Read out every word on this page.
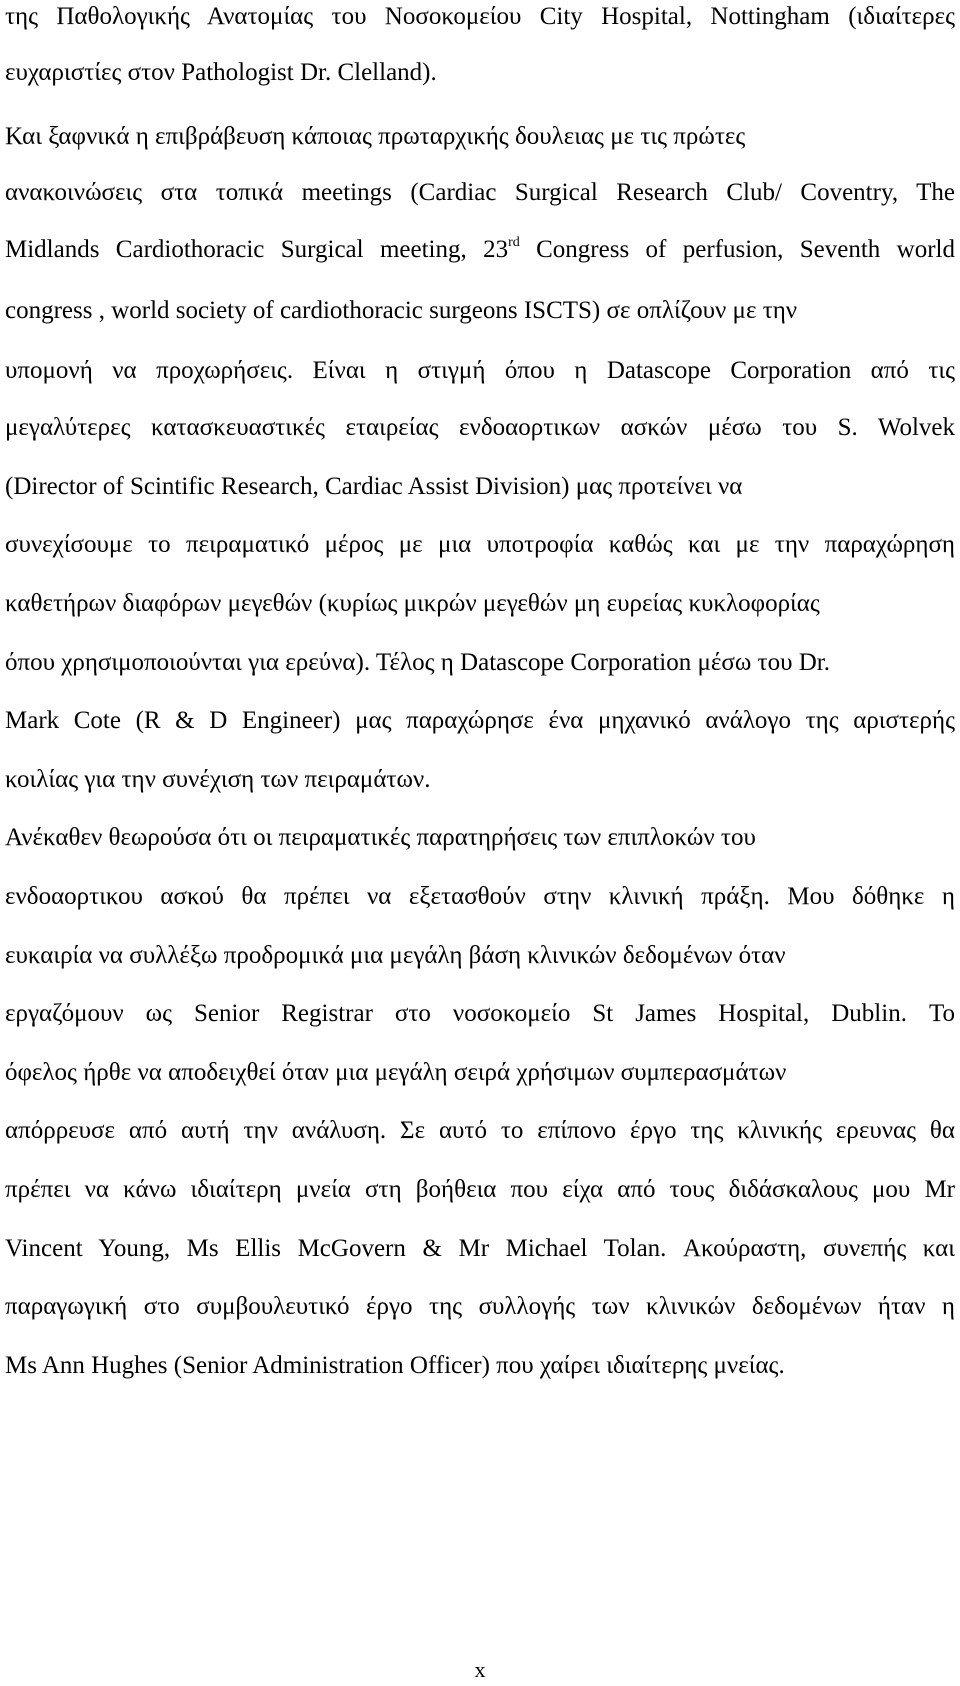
της Παθολογικής Ανατομίας του Νοσοκομείου City Hospital, Nottingham (ιδιαίτερες
ευχαριστίες στον Pathologist Dr. Clelland).
Και ξαφνικά η επιβράβευση κάποιας πρωταρχικής δουλειας με τις πρώτες
ανακοινώσεις στα τοπικά meetings (Cardiac Surgical Research Club/ Coventry, The
Midlands Cardiothoracic Surgical meeting, 23rd Congress of perfusion, Seventh world
congress , world society of cardiothoracic surgeons ISCTS) σε οπλίζουν με την
υπομονή να προχωρήσεις. Είναι η στιγμή όπου η Datascope Corporation από τις
μεγαλύτερες κατασκευαστικές εταιρείας ενδοαορτικων ασκών μέσω του S. Wolvek
(Director of Scintific Research, Cardiac Assist Division) μας προτείνει να
συνεχίσουμε το πειραματικό μέρος με μια υποτροφία καθώς και με την παραχώρηση
καθετήρων διαφόρων μεγεθών (κυρίως μικρών μεγεθών μη ευρείας κυκλοφορίας
όπου χρησιμοποιούνται για ερεύνα). Τέλος η Datascope Corporation μέσω του Dr.
Mark Cote (R & D Engineer) μας παραχώρησε ένα μηχανικό ανάλογο της αριστερής
κοιλίας για την συνέχιση των πειραμάτων.
Ανέκαθεν θεωρούσα ότι οι πειραματικές παρατηρήσεις των επιπλοκών του
ενδοαορτικου ασκού θα πρέπει να εξετασθούν στην κλινική πράξη. Μου δόθηκε η
ευκαιρία να συλλέξω προδρομικά μια μεγάλη βάση κλινικών δεδομένων όταν
εργαζόμουν ως Senior Registrar στο νοσοκομείο St James Hospital, Dublin. Το
όφελος ήρθε να αποδειχθεί όταν μια μεγάλη σειρά χρήσιμων συμπερασμάτων
απόρρευσε από αυτή την ανάλυση. Σε αυτό το επίπονο έργο της κλινικής ερευνας θα
πρέπει να κάνω ιδιαίτερη μνεία στη βοήθεια που είχα από τους διδάσκαλους μου Mr
Vincent Young, Ms Ellis McGovern & Mr Michael Tolan. Ακούραστη, συνεπής και
παραγωγική στο συμβουλευτικό έργο της συλλογής των κλινικών δεδομένων ήταν η
Ms Ann Hughes (Senior Administration Officer) που χαίρει ιδιαίτερης μνείας.
x
